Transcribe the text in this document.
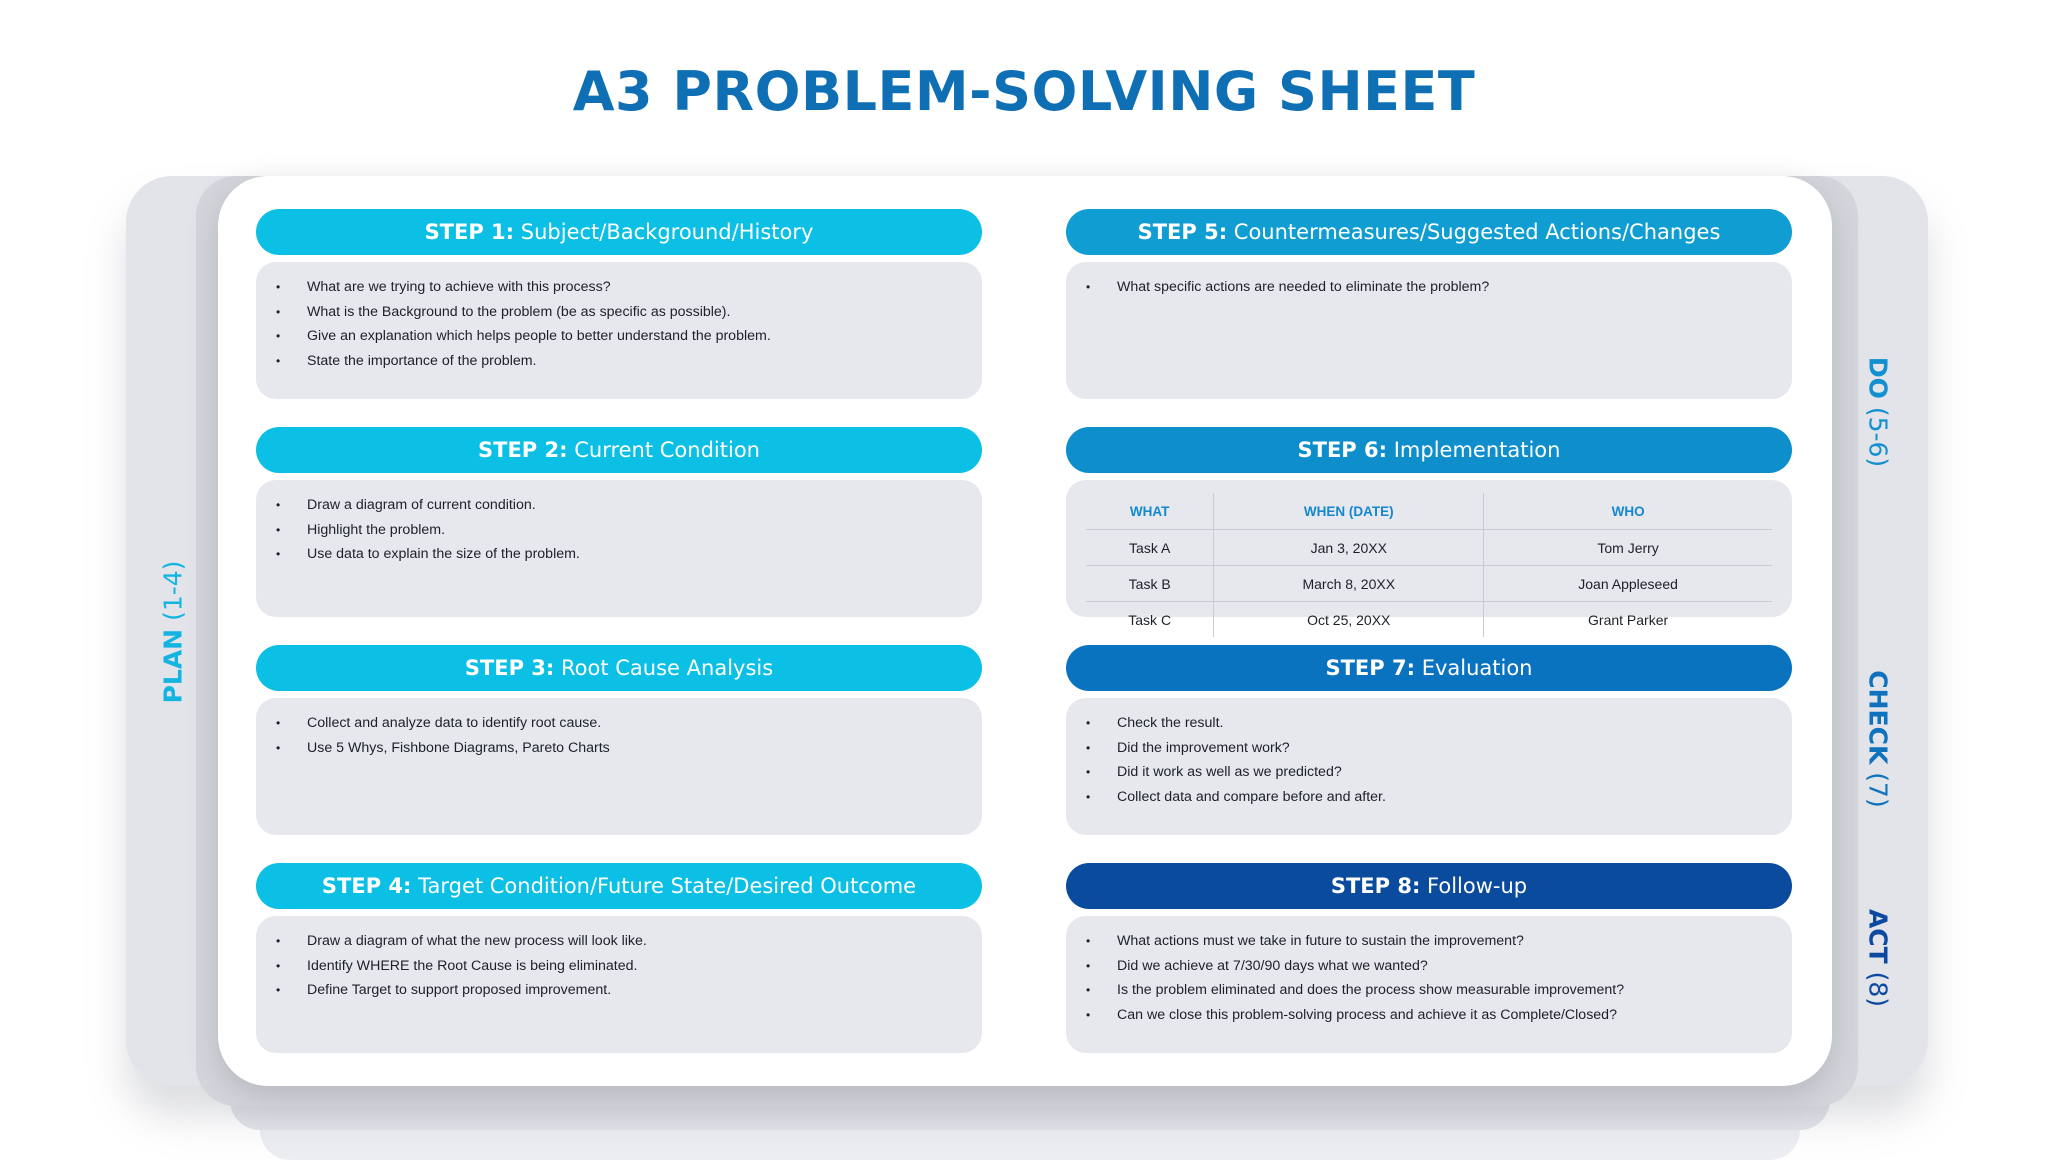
A3 PROBLEM-SOLVING SHEET
PLAN (1-4)
DO (5-6)
CHECK (7)
ACT (8)
STEP 1: Subject/Background/History
• What are we trying to achieve with this process?
• What is the Background to the problem (be as specific as possible).
• Give an explanation which helps people to better understand the problem.
• State the importance of the problem.
STEP 2: Current Condition
• Draw a diagram of current condition.
• Highlight the problem.
• Use data to explain the size of the problem.
STEP 3: Root Cause Analysis
• Collect and analyze data to identify root cause.
• Use 5 Whys, Fishbone Diagrams, Pareto Charts
STEP 4: Target Condition/Future State/Desired Outcome
• Draw a diagram of what the new process will look like.
• Identify WHERE the Root Cause is being eliminated.
• Define Target to support proposed improvement.
STEP 5: Countermeasures/Suggested Actions/Changes
• What specific actions are needed to eliminate the problem?
STEP 6: Implementation
WHAT	WHEN (DATE)	WHO
Task A	Jan 3, 20XX	Tom Jerry
Task B	March 8, 20XX	Joan Appleseed
Task C	Oct 25, 20XX	Grant Parker
STEP 7: Evaluation
• Check the result.
• Did the improvement work?
• Did it work as well as we predicted?
• Collect data and compare before and after.
STEP 8: Follow-up
• What actions must we take in future to sustain the improvement?
• Did we achieve at 7/30/90 days what we wanted?
• Is the problem eliminated and does the process show measurable improvement?
• Can we close this problem-solving process and achieve it as Complete/Closed?
